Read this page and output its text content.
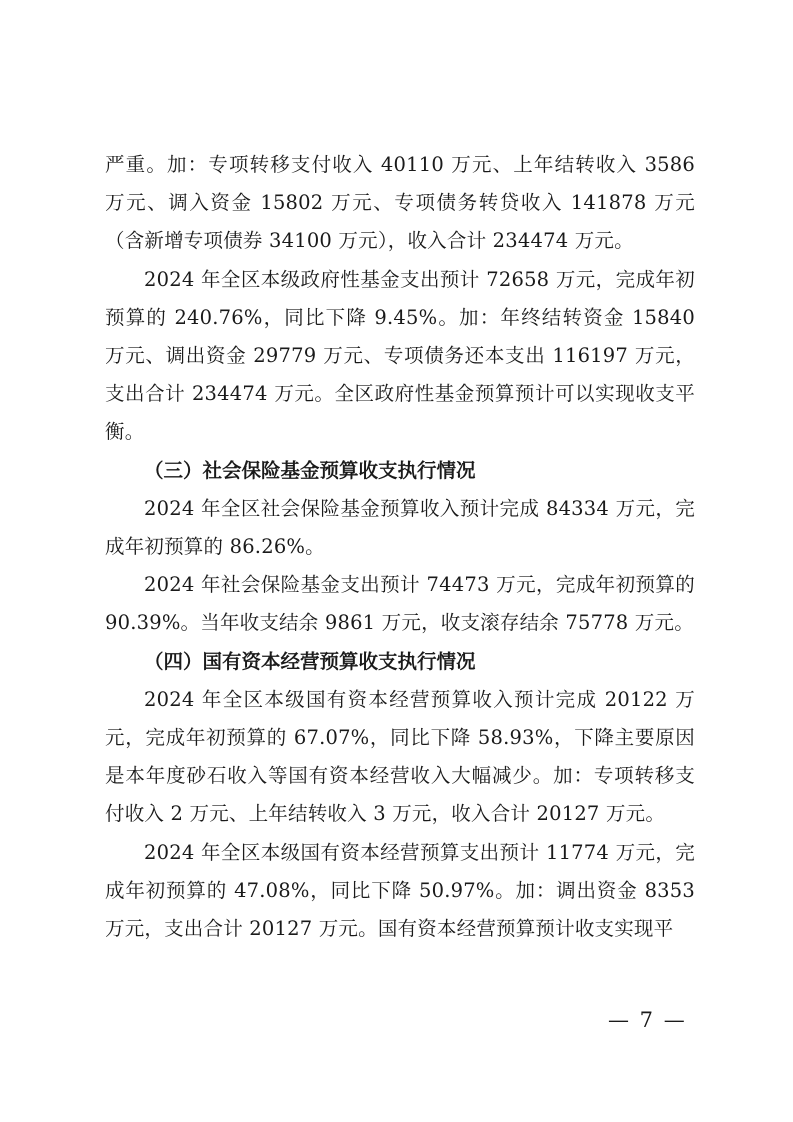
严重。加：专项转移支付收入 40110 万元、上年结转收入 3586 万元、调入资金 15802 万元、专项债务转贷收入 141878 万元（含新增专项债券 34100 万元），收入合计 234474 万元。

2024 年全区本级政府性基金支出预计 72658 万元，完成年初预算的 240.76%，同比下降 9.45%。加：年终结转资金 15840 万元、调出资金 29779 万元、专项债务还本支出 116197 万元，支出合计 234474 万元。全区政府性基金预算预计可以实现收支平衡。

（三）社会保险基金预算收支执行情况

2024 年全区社会保险基金预算收入预计完成 84334 万元，完成年初预算的 86.26%。

2024 年社会保险基金支出预计 74473 万元，完成年初预算的 90.39%。当年收支结余 9861 万元，收支滚存结余 75778 万元。

（四）国有资本经营预算收支执行情况

2024 年全区本级国有资本经营预算收入预计完成 20122 万元，完成年初预算的 67.07%，同比下降 58.93%，下降主要原因是本年度砂石收入等国有资本经营收入大幅减少。加：专项转移支付收入 2 万元、上年结转收入 3 万元，收入合计 20127 万元。

2024 年全区本级国有资本经营预算支出预计 11774 万元，完成年初预算的 47.08%，同比下降 50.97%。加：调出资金 8353 万元，支出合计 20127 万元。国有资本经营预算预计收支实现平

— 7 —
